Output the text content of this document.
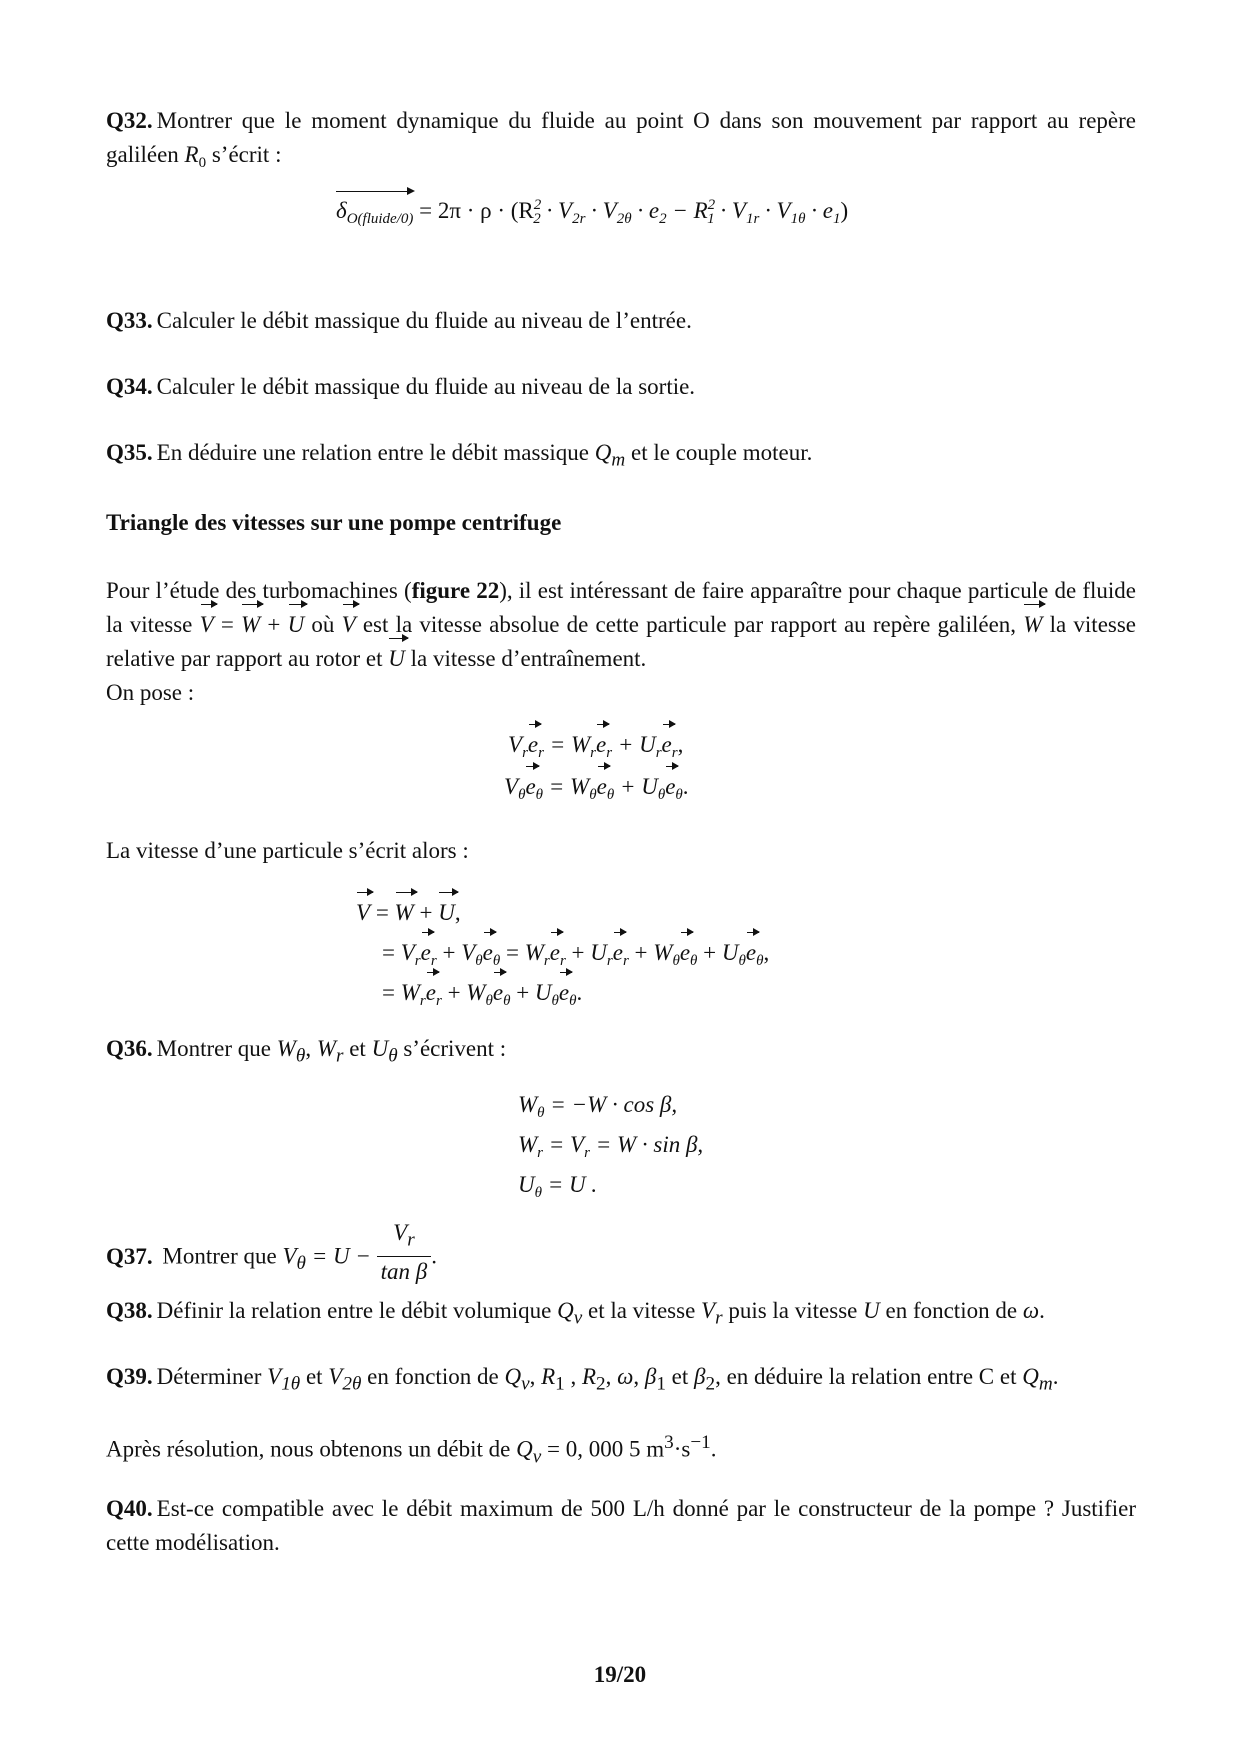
Q32. Montrer que le moment dynamique du fluide au point O dans son mouvement par rapport au repère galiléen $R_0$ s’écrit :
$\delta_{O(fluide/0)} = 2\pi \cdot \rho \cdot (R^2_2 \cdot V_{2r} \cdot V_{2\theta} \cdot e_2 - R^2_1 \cdot V_{1r} \cdot V_{1\theta} \cdot e_1)$
Q33. Calculer le débit massique du fluide au niveau de l’entrée.
Q34. Calculer le débit massique du fluide au niveau de la sortie.
Q35. En déduire une relation entre le débit massique $Q_m$ et le couple moteur.
Triangle des vitesses sur une pompe centrifuge
Pour l’étude des turbomachines (figure 22), il est intéressant de faire apparaître pour chaque particule de fluide la vitesse V = W + U où V est la vitesse absolue de cette particule par rapport au repère galiléen, W la vitesse relative par rapport au rotor et U la vitesse d’entraînement.
On pose :
$V_re_r = W_re_r + U_re_r$,
$V_\theta e_\theta = W_\theta e_\theta + U_\theta e_\theta$.
La vitesse d’une particule s’écrit alors :
V = W + U,
= $V_re_r + V_\theta e_\theta = W_re_r + U_re_r + W_\theta e_\theta + U_\theta e_\theta$,
= $W_re_r + W_\theta e_\theta + U_\theta e_\theta$.
Q36. Montrer que $W_\theta$, $W_r$ et $U_\theta$ s’écrivent :
$W_\theta = -W \cdot \cos \beta$,
$W_r = V_r = W \cdot \sin \beta$,
$U_\theta = U$ .
Q37. Montrer que $V_\theta = U - \frac{V_r}{\text{tan β}}$ .
Q38. Définir la relation entre le débit volumique $Q_v$ et la vitesse $V_r$ puis la vitesse U en fonction de ω.
Q39. Déterminer $V_{1\theta}$ et $V_{2\theta}$ en fonction de $Q_v$, $R_1$ , $R_2$, ω, $\beta_1$ et $\beta_2$, en déduire la relation entre C et $Q_m$.
Après résolution, nous obtenons un débit de $Q_v = 0$, 000 5 $m^3\cdot s^{-1}$.
Q40. Est-ce compatible avec le débit maximum de 500 L/h donné par le constructeur de la pompe ? Justifier cette modélisation.
19/20
